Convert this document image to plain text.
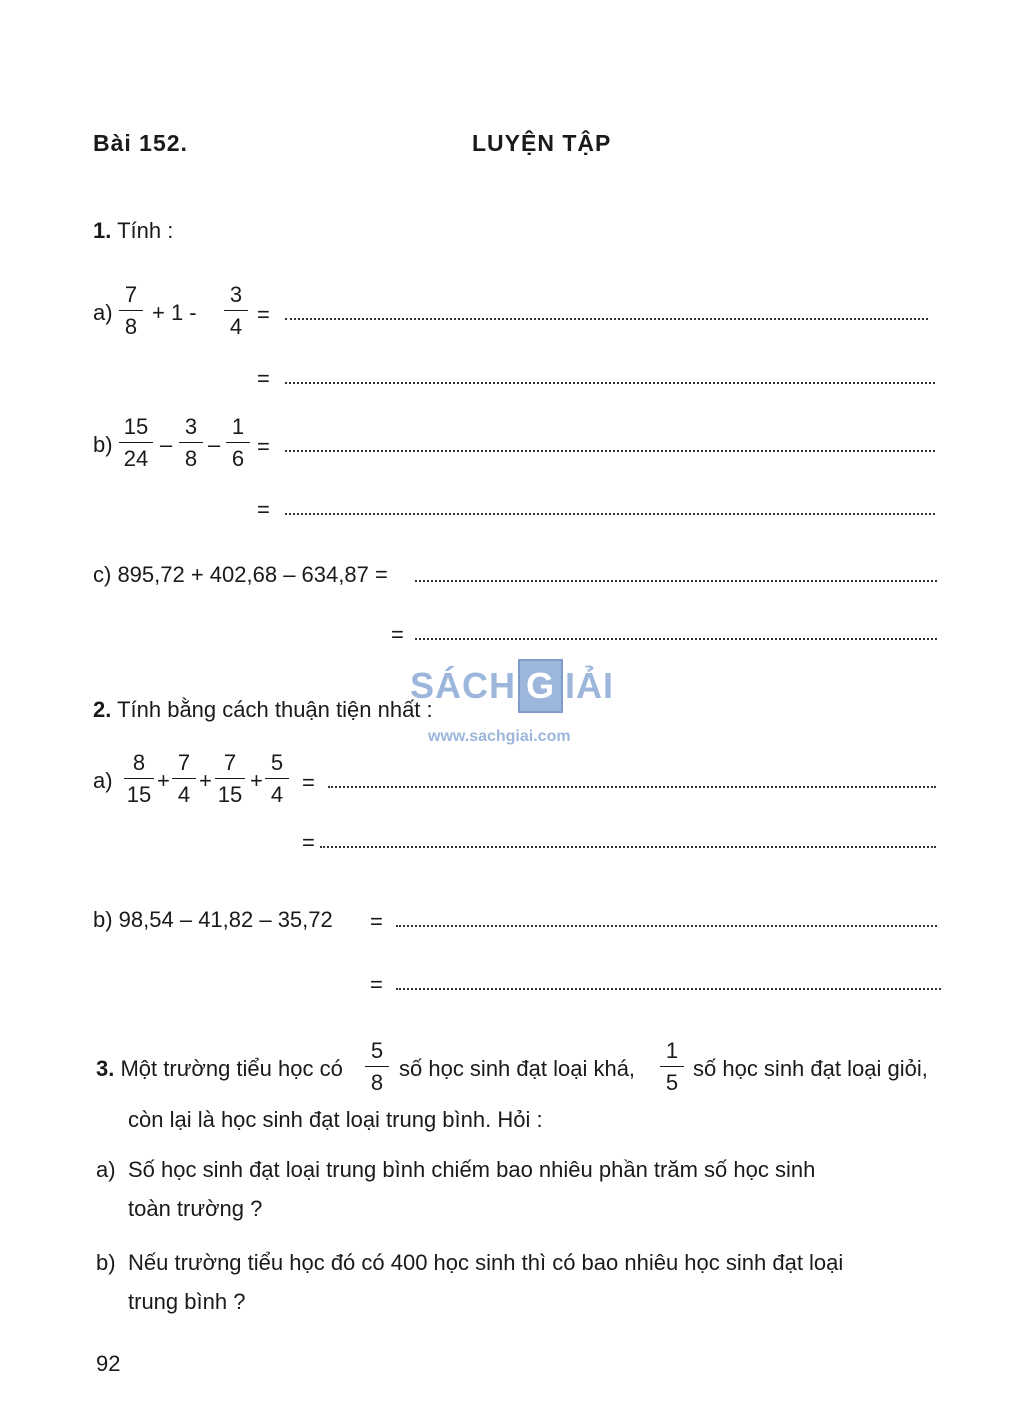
Bài 152.	LUYỆN TẬP
SÁCH G IẢI
www.sachgiai.com
1. Tính :
a)
7
8
+ 1 -
3
4 =
=
b)
15
24
–
3
8
–
1
6 =
=
c) 895,72 + 402,68 – 634,87 =
=
2. Tính bằng cách thuận tiện nhất :
a)
8
15
+
7
4
+
7
15
+
5
4 =
=
b) 98,54 – 41,82 – 35,72 =
=
3. Một trường tiểu học có
5
8
số học sinh đạt loại khá,
1
5
số học sinh đạt loại giỏi,
còn lại là học sinh đạt loại trung bình. Hỏi :
a) Số học sinh đạt loại trung bình chiếm bao nhiêu phần trăm số học sinh
toàn trường ?
b) Nếu trường tiểu học đó có 400 học sinh thì có bao nhiêu học sinh đạt loại
trung bình ?
92
